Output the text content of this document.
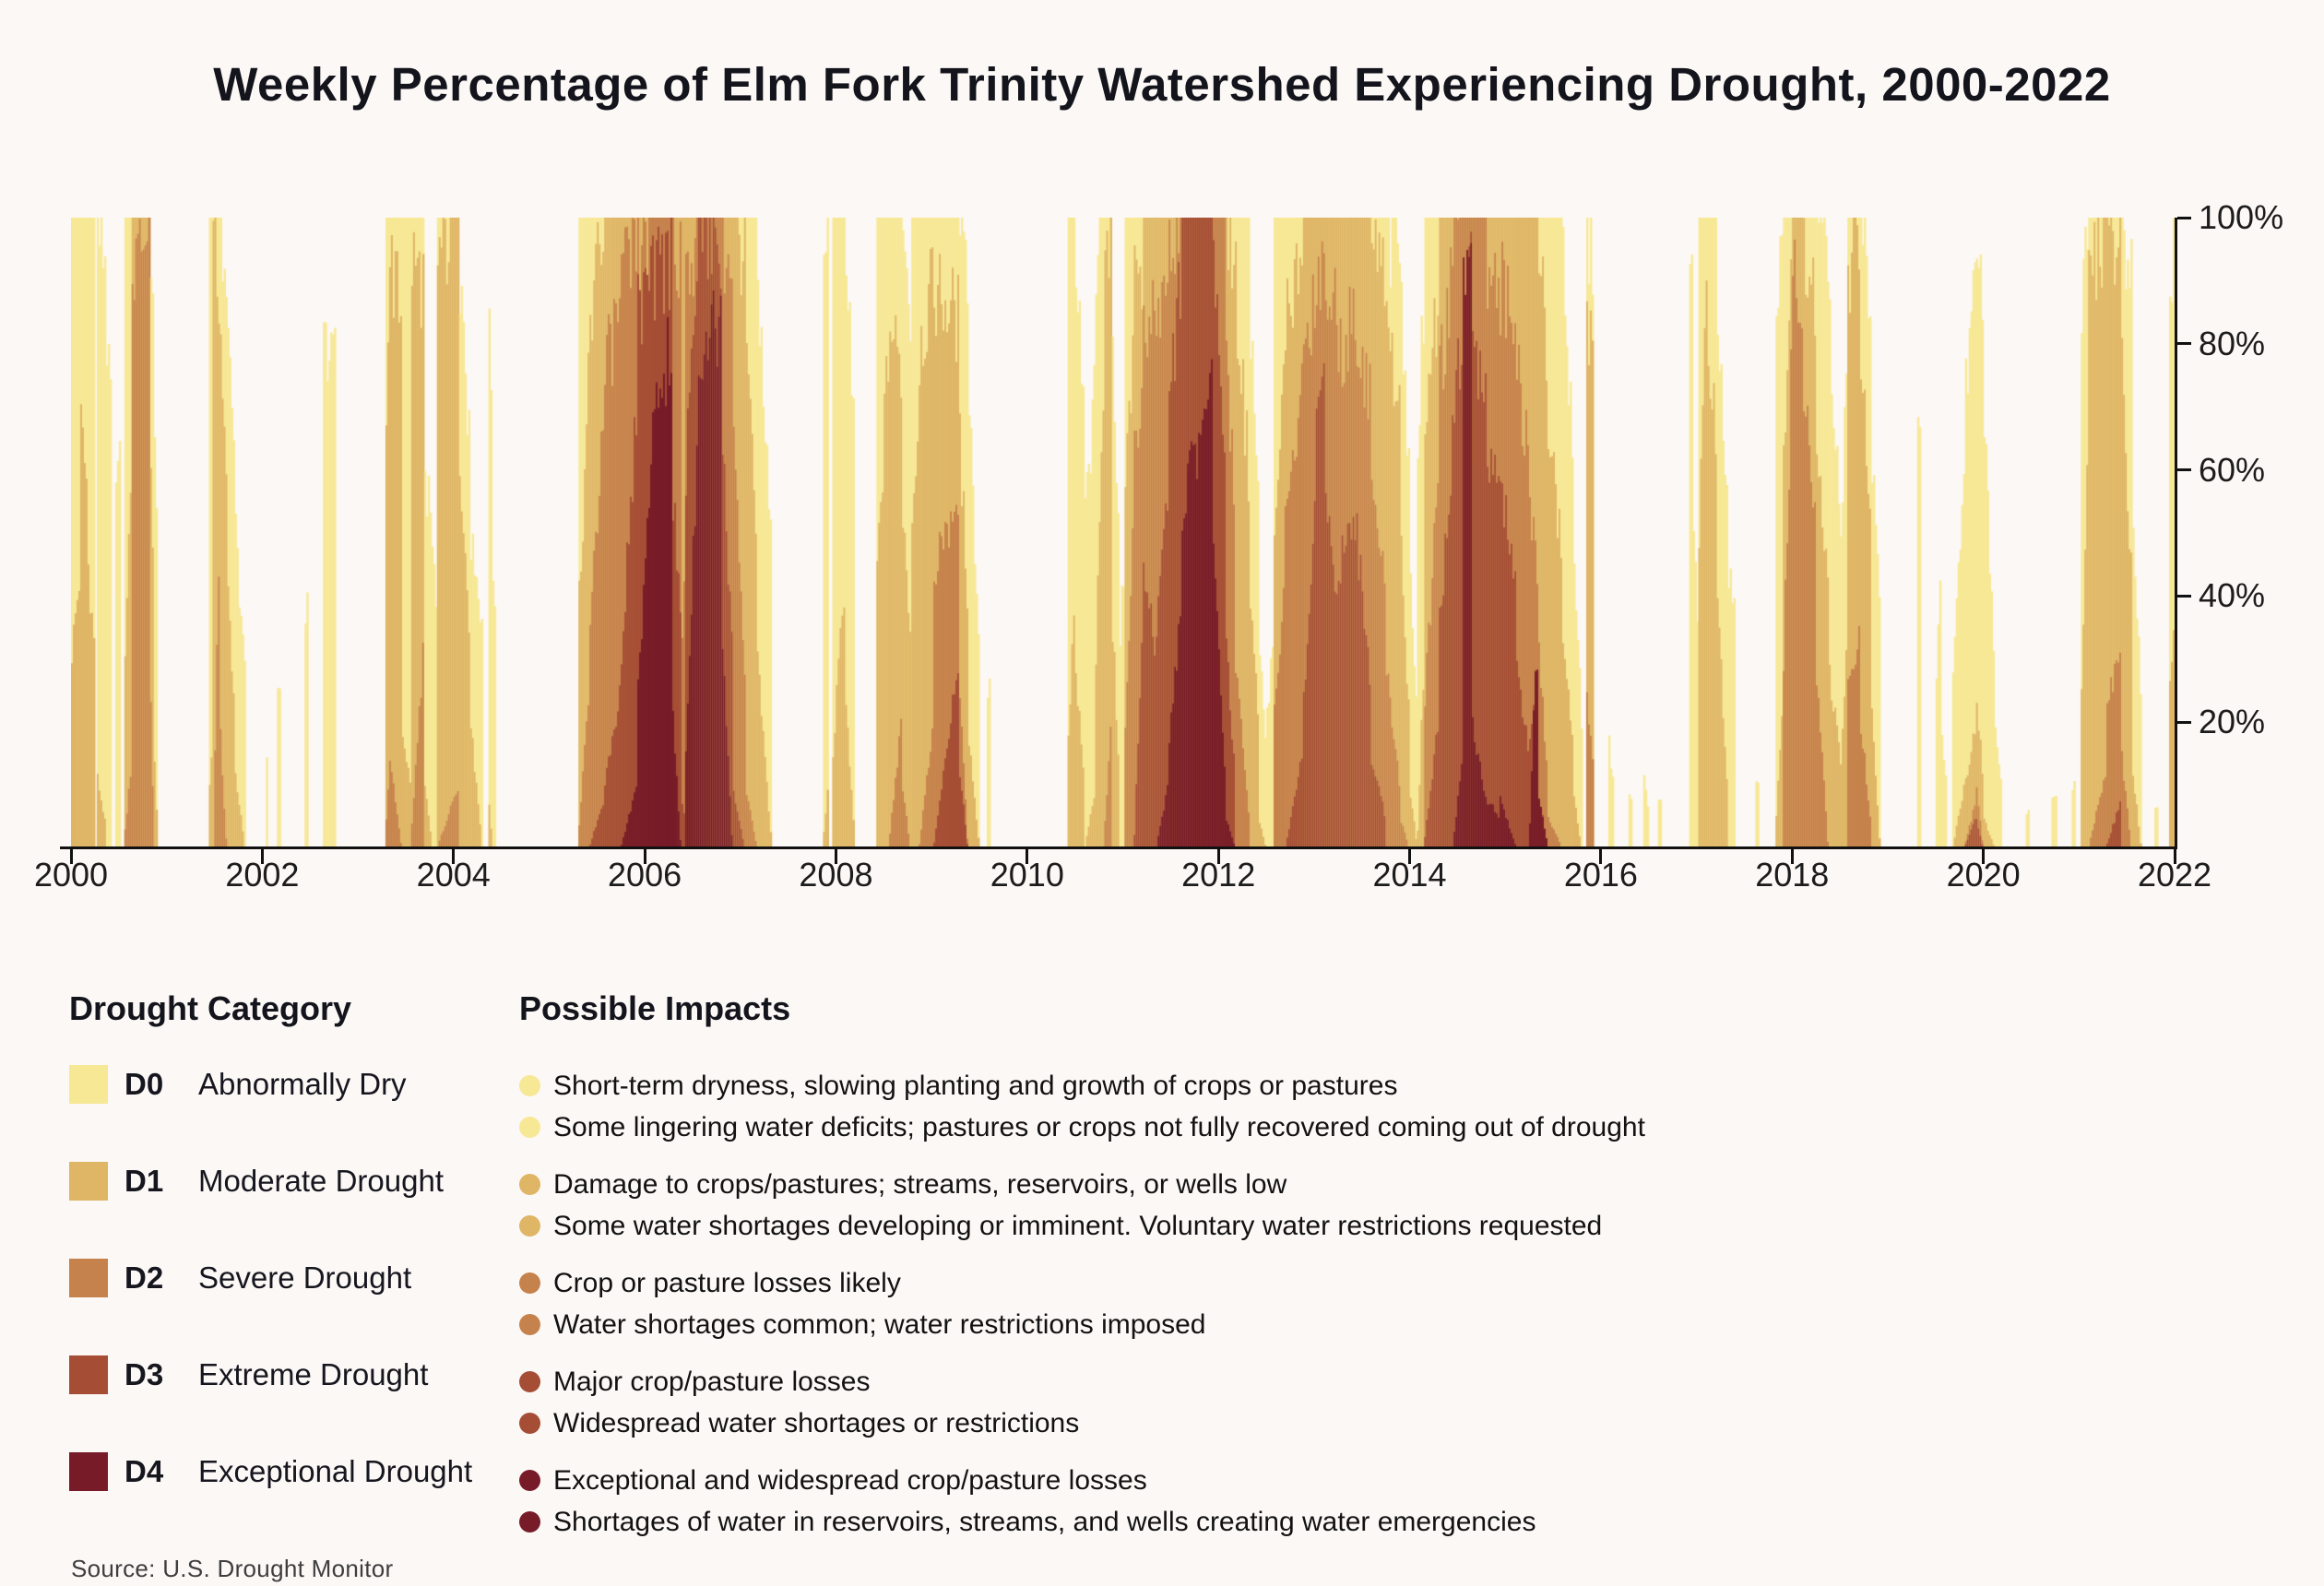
Weekly Percentage of Elm Fork Trinity Watershed Experiencing Drought, 2000-2022
2000	2002	2004	2006	2008	2010	2012	2014	2016	2018	2020	2022
100%
80%
60%
40%
20%
Drought Category
D0	Abnormally Dry
D1	Moderate Drought
D2	Severe Drought
D3	Extreme Drought
D4	Exceptional Drought
Possible Impacts
Short-term dryness, slowing planting and growth of crops or pastures
Some lingering water deficits; pastures or crops not fully recovered coming out of drought
Damage to crops/pastures; streams, reservoirs, or wells low
Some water shortages developing or imminent. Voluntary water restrictions requested
Crop or pasture losses likely
Water shortages common; water restrictions imposed
Major crop/pasture losses
Widespread water shortages or restrictions
Exceptional and widespread crop/pasture losses
Shortages of water in reservoirs, streams, and wells creating water emergencies
Source: U.S. Drought Monitor
